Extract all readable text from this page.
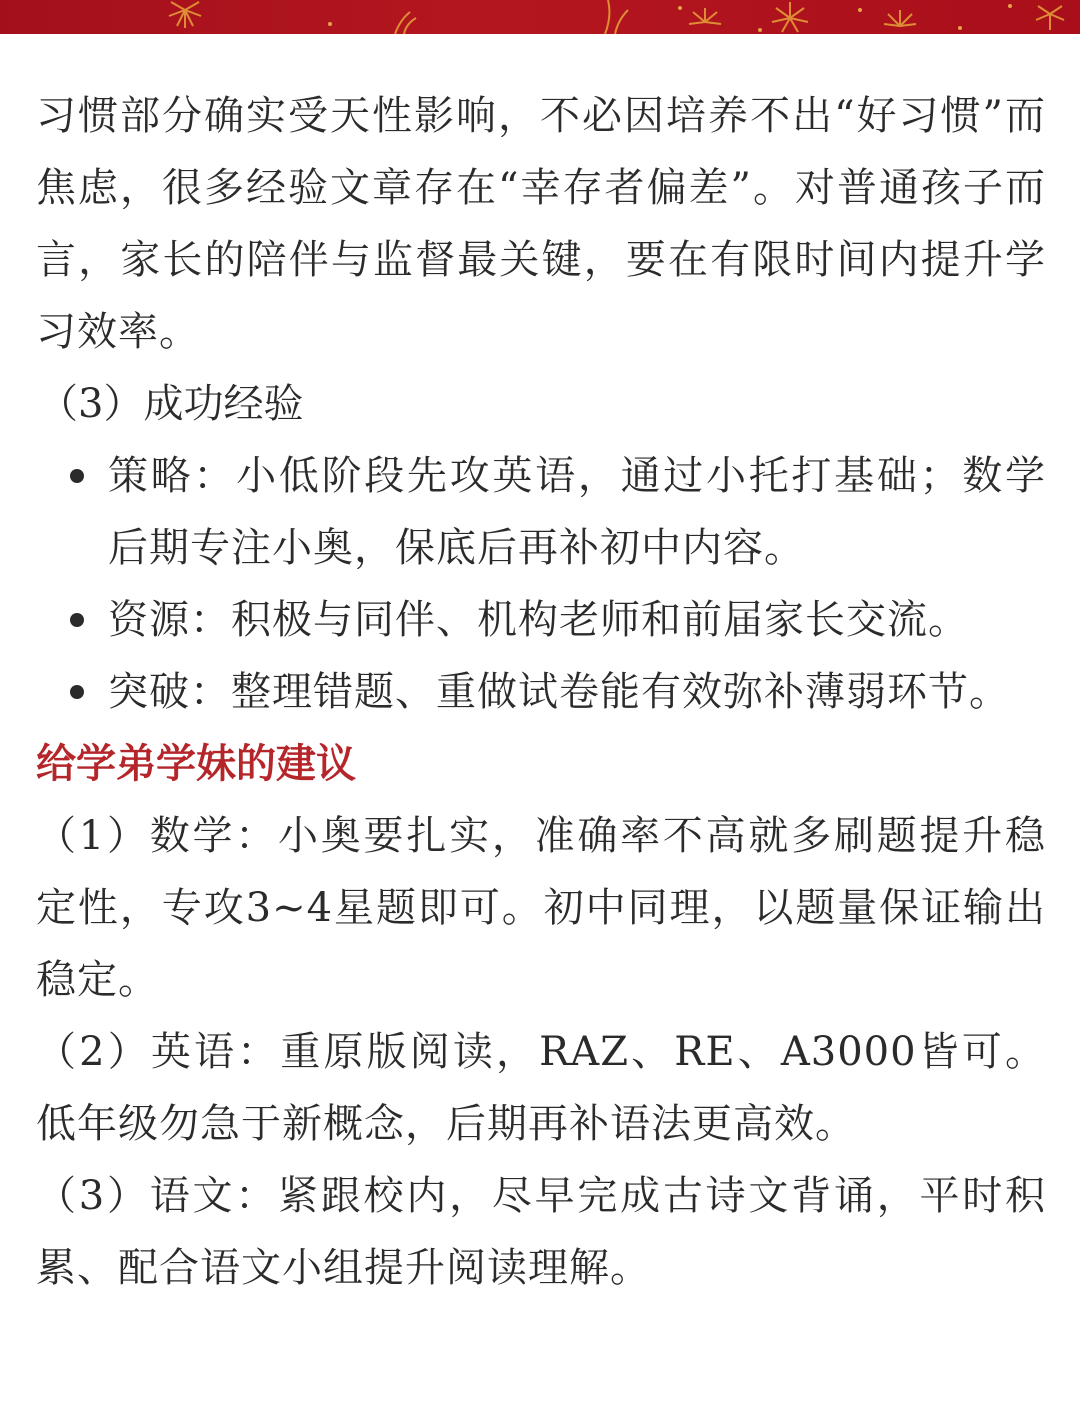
习惯部分确实受天性影响，不必因培养不出“好习惯”而焦虑，很多经验文章存在“幸存者偏差”。对普通孩子而言，家长的陪伴与监督最关键，要在有限时间内提升学习效率。

（3）成功经验

策略：小低阶段先攻英语，通过小托打基础；数学后期专注小奥，保底后再补初中内容。
资源：积极与同伴、机构老师和前届家长交流。
突破：整理错题、重做试卷能有效弥补薄弱环节。

给学弟学妹的建议

（1）数学：小奥要扎实，准确率不高就多刷题提升稳定性，专攻3~4星题即可。初中同理，以题量保证输出稳定。

（2）英语：重原版阅读，RAZ、RE、A3000皆可。低年级勿急于新概念，后期再补语法更高效。

（3）语文：紧跟校内，尽早完成古诗文背诵，平时积累、配合语文小组提升阅读理解。
